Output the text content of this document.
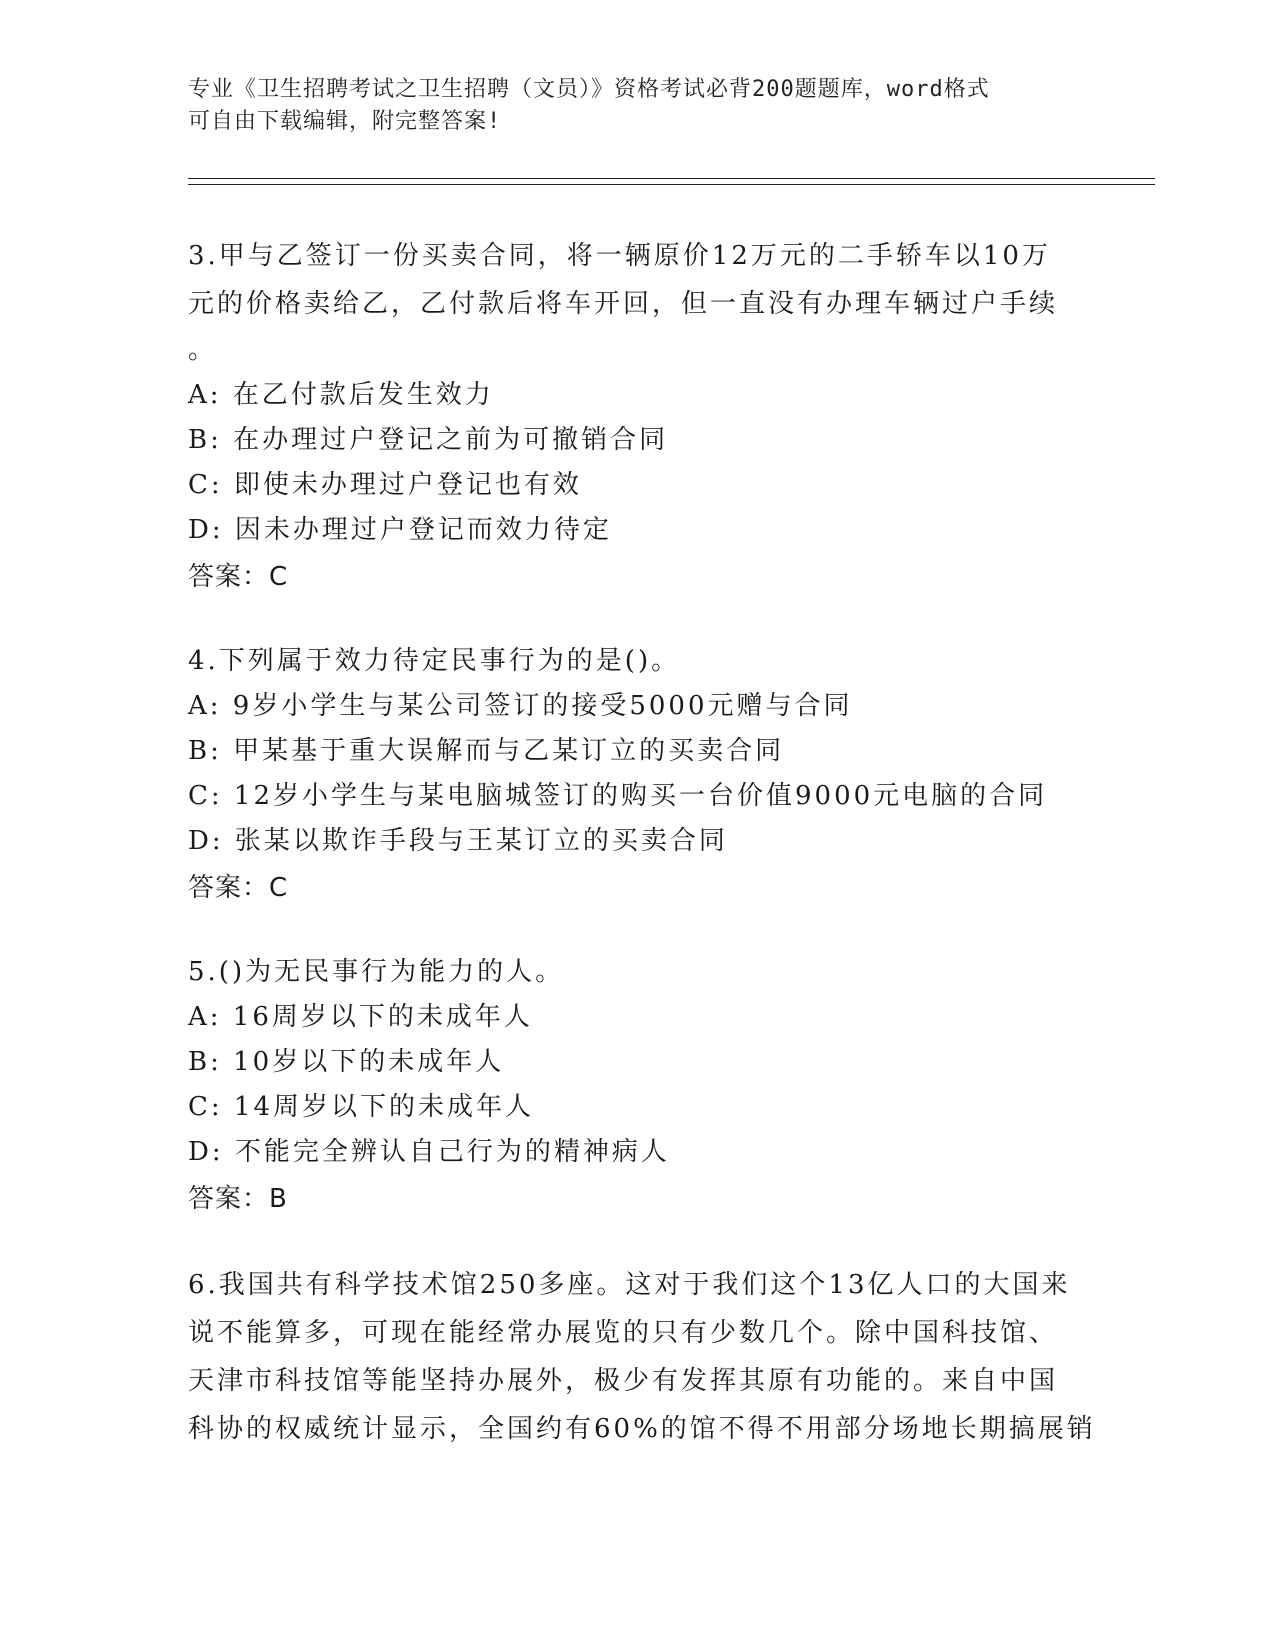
专业《卫生招聘考试之卫生招聘（文员）》资格考试必背200题题库，word格式

可自由下载编辑，附完整答案!

3.甲与乙签订一份买卖合同，将一辆原价12万元的二手轿车以10万
元的价格卖给乙，乙付款后将车开回，但一直没有办理车辆过户手续
。
A: 在乙付款后发生效力
B: 在办理过户登记之前为可撤销合同
C: 即使未办理过户登记也有效
D: 因未办理过户登记而效力待定
答案：C
4.下列属于效力待定民事行为的是()。
A: 9岁小学生与某公司签订的接受5000元赠与合同
B: 甲某基于重大误解而与乙某订立的买卖合同
C: 12岁小学生与某电脑城签订的购买一台价值9000元电脑的合同
D: 张某以欺诈手段与王某订立的买卖合同
答案：C
5.()为无民事行为能力的人。
A: 16周岁以下的未成年人
B: 10岁以下的未成年人
C: 14周岁以下的未成年人
D: 不能完全辨认自己行为的精神病人
答案：B
6.我国共有科学技术馆250多座。这对于我们这个13亿人口的大国来
说不能算多，可现在能经常办展览的只有少数几个。除中国科技馆、
天津市科技馆等能坚持办展外，极少有发挥其原有功能的。来自中国
科协的权威统计显示，全国约有60%的馆不得不用部分场地长期搞展销
